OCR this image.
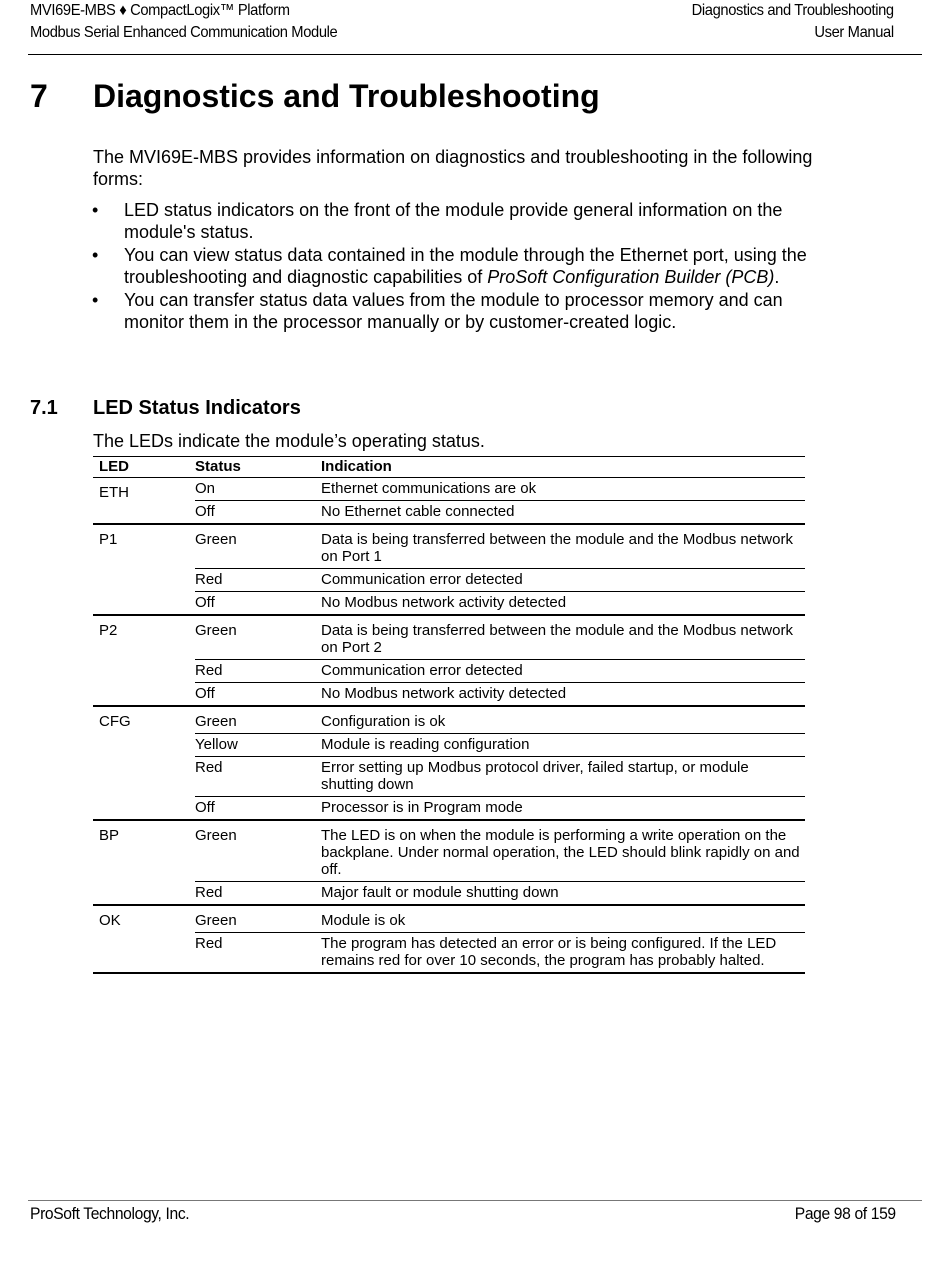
MVI69E-MBS ♦ CompactLogix™ Platform
Modbus Serial Enhanced Communication Module
Diagnostics and Troubleshooting
User Manual
7 Diagnostics and Troubleshooting

The MVI69E-MBS provides information on diagnostics and troubleshooting in the following forms:

• LED status indicators on the front of the module provide general information on the module's status.
• You can view status data contained in the module through the Ethernet port, using the troubleshooting and diagnostic capabilities of ProSoft Configuration Builder (PCB).
• You can transfer status data values from the module to processor memory and can monitor them in the processor manually or by customer-created logic.
7.1 LED Status Indicators
The LEDs indicate the module’s operating status.
LED	Status	Indication
ETH	On	Ethernet communications are ok
	Off	No Ethernet cable connected
P1	Green	Data is being transferred between the module and the Modbus network on Port 1
	Red	Communication error detected
	Off	No Modbus network activity detected
P2	Green	Data is being transferred between the module and the Modbus network on Port 2
	Red	Communication error detected
	Off	No Modbus network activity detected
CFG	Green	Configuration is ok
	Yellow	Module is reading configuration
	Red	Error setting up Modbus protocol driver, failed startup, or module shutting down
	Off	Processor is in Program mode
BP	Green	The LED is on when the module is performing a write operation on the backplane. Under normal operation, the LED should blink rapidly on and off.
	Red	Major fault or module shutting down
OK	Green	Module is ok
	Red	The program has detected an error or is being configured. If the LED remains red for over 10 seconds, the program has probably halted.
ProSoft Technology, Inc.	Page 98 of 159
